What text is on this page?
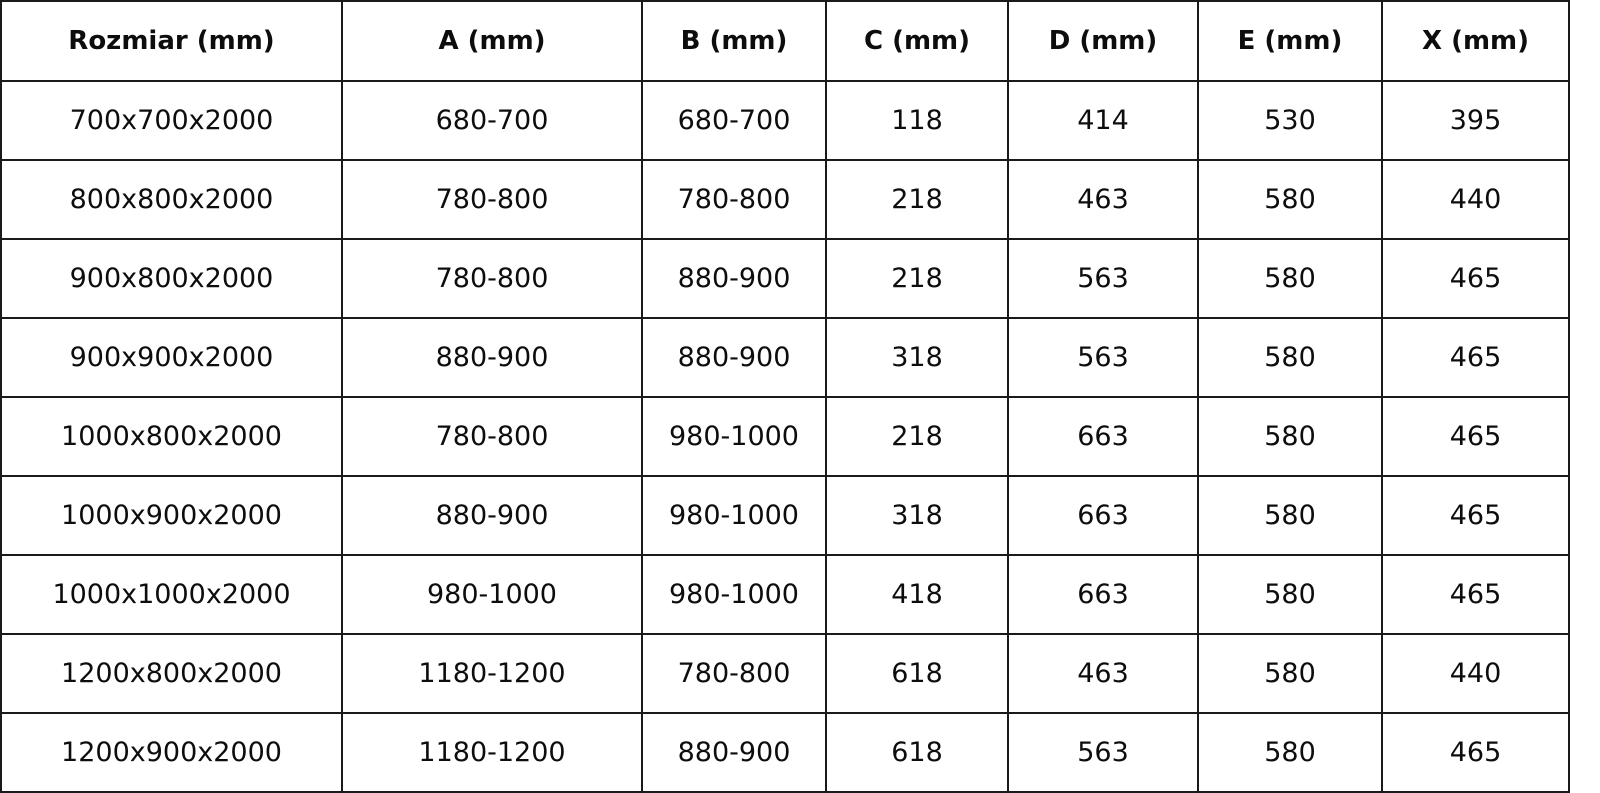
Rozmiar (mm)	A (mm)	B (mm)	C (mm)	D (mm)	E (mm)	X (mm)
700x700x2000	680-700	680-700	118	414	530	395
800x800x2000	780-800	780-800	218	463	580	440
900x800x2000	780-800	880-900	218	563	580	465
900x900x2000	880-900	880-900	318	563	580	465
1000x800x2000	780-800	980-1000	218	663	580	465
1000x900x2000	880-900	980-1000	318	663	580	465
1000x1000x2000	980-1000	980-1000	418	663	580	465
1200x800x2000	1180-1200	780-800	618	463	580	440
1200x900x2000	1180-1200	880-900	618	563	580	465
